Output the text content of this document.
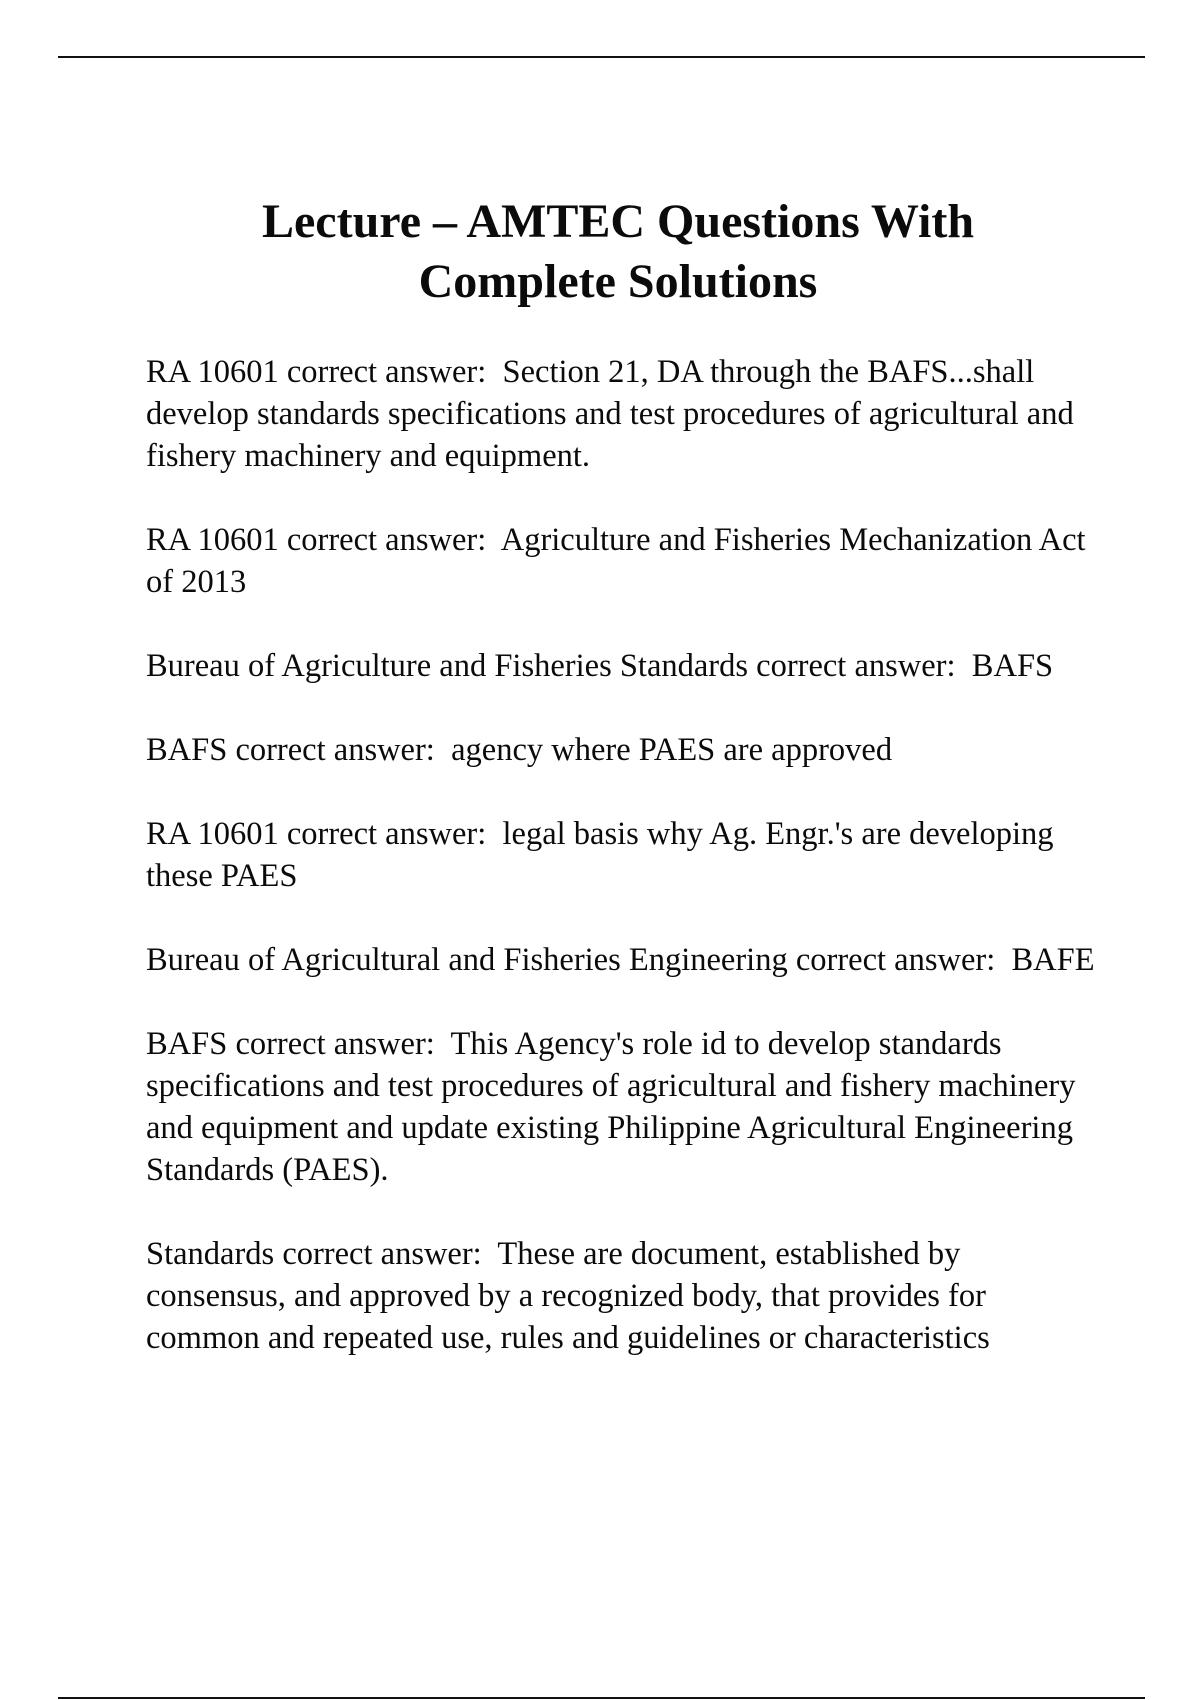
Lecture – AMTEC Questions With
Complete Solutions

RA 10601 correct answer: Section 21, DA through the BAFS...shall develop standards specifications and test procedures of agricultural and fishery machinery and equipment.

RA 10601 correct answer: Agriculture and Fisheries Mechanization Act of 2013

Bureau of Agriculture and Fisheries Standards correct answer: BAFS

BAFS correct answer: agency where PAES are approved

RA 10601 correct answer: legal basis why Ag. Engr.'s are developing these PAES

Bureau of Agricultural and Fisheries Engineering correct answer: BAFE

BAFS correct answer: This Agency's role id to develop standards specifications and test procedures of agricultural and fishery machinery and equipment and update existing Philippine Agricultural Engineering Standards (PAES).

Standards correct answer: These are document, established by consensus, and approved by a recognized body, that provides for common and repeated use, rules and guidelines or characteristics
